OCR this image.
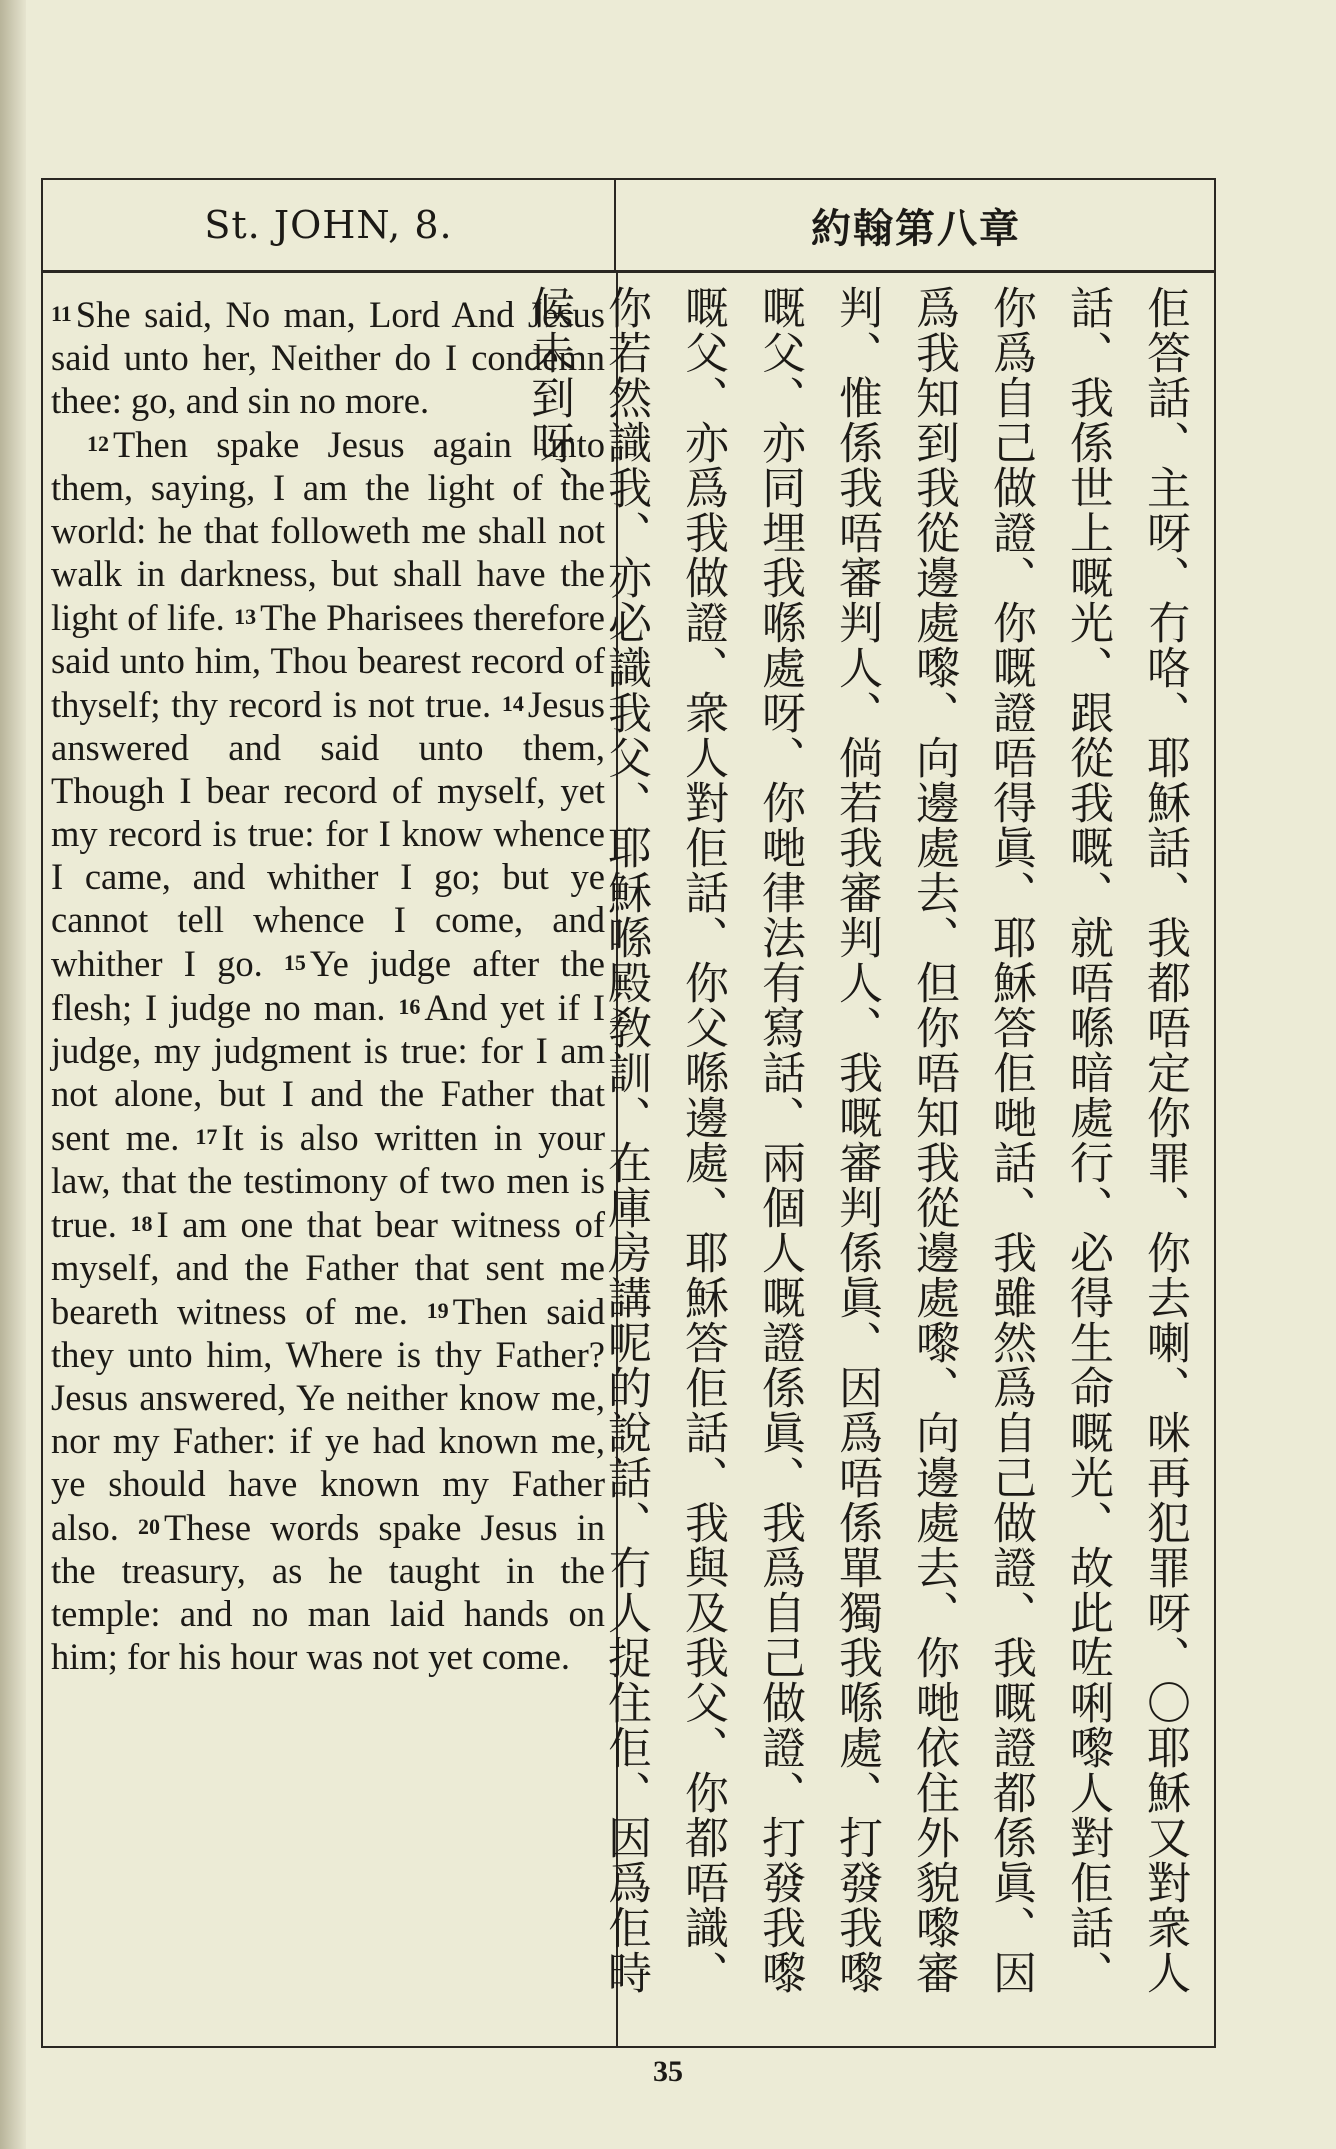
St. JOHN, 8.	約翰第八章

11 She said, No man, Lord And Jesus said unto her, Neither do I condemn thee: go, and sin no more.

12 Then spake Jesus again unto them, saying, I am the light of the world: he that followeth me shall not walk in darkness, but shall have the light of life. 13 The Pharisees therefore said unto him, Thou bearest record of thyself; thy record is not true. 14 Jesus answered and said unto them, Though I bear record of myself, yet my record is true: for I know whence I came, and whither I go; but ye cannot tell whence I come, and whither I go. 15 Ye judge after the flesh; I judge no man. 16 And yet if I judge, my judgment is true: for I am not alone, but I and the Father that sent me. 17 It is also written in your law, that the testimony of two men is true. 18 I am one that bear witness of myself, and the Father that sent me beareth witness of me. 19 Then said they unto him, Where is thy Father? Jesus answered, Ye neither know me, nor my Father: if ye had known me, ye should have known my Father also. 20 These words spake Jesus in the treasury, as he taught in the temple: and no man laid hands on him; for his hour was not yet come.	佢答話、主呀、冇咯、耶穌話、我都唔定你罪、你去喇、咪再犯罪呀、〇耶穌又對衆人話、我係世上嘅光、跟從我嘅、就唔喺暗處行、必得生命嘅光、故此咗唎嚟人對佢話、你爲自己做證、你嘅證唔得眞、耶穌答佢哋話、我雖然爲自己做證、我嘅證都係眞、因爲我知到我從邊處嚟、向邊處去、但你唔知我從邊處嚟、向邊處去、你哋依住外貌嚟審判、惟係我唔審判人、倘若我審判人、我嘅審判係眞、因爲唔係單獨我喺處、打發我嚟嘅父、亦同埋我喺處呀、你哋律法有寫話、兩個人嘅證係眞、我爲自己做證、打發我嚟嘅父、亦爲我做證、衆人對佢話、你父喺邊處、耶穌答佢話、我與及我父、你都唔識、你若然識我、亦必識我父、耶穌喺殿敎訓、在庫房講呢的說話、冇人捉住佢、因爲佢時候未到呀、
35
